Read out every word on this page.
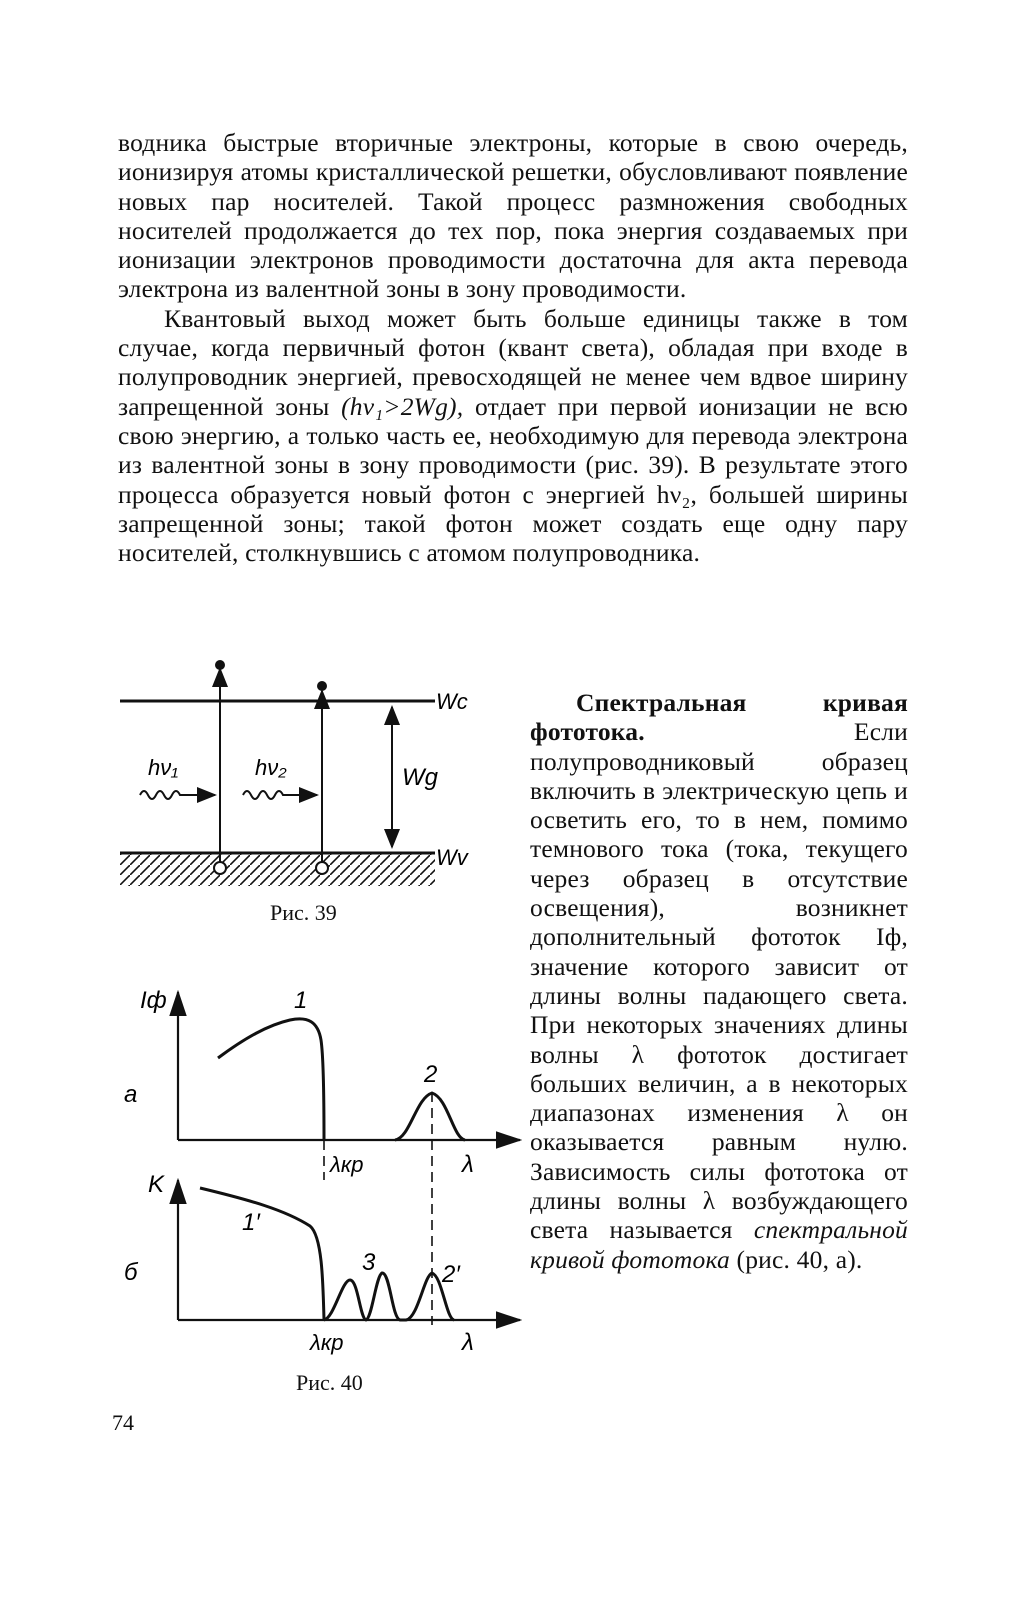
водника быстрые вторичные электроны, которые в свою очередь, ионизируя атомы кристаллической решетки, обусловливают появление новых пар носителей. Такой процесс размножения свободных носителей продолжается до тех пор, пока энергия создаваемых при ионизации электронов проводимости достаточна для акта перевода электрона из валентной зоны в зону проводимости.

Квантовый выход может быть больше единицы также в том случае, когда первичный фотон (квант света), обладая при входе в полупроводник энергией, превосходящей не менее чем вдвое ширину запрещенной зоны (hν₁>2Wg), отдает при первой ионизации не всю свою энергию, а только часть ее, необходимую для перевода электрона из валентной зоны в зону проводимости (рис. 39). В результате этого процесса образуется новый фотон с энергией hν₂, большей ширины запрещенной зоны; такой фотон может создать еще одну пару носителей, столкнувшись с атомом полупроводника.

Спектральная кривая фототока.	Если полупроводниковый образец включить в электрическую цепь и осветить его, то в нем, помимо темнового тока (тока, текущего через образец в отсутствие освещения), возникнет дополнительный фототок Iф, значение которого зависит от длины волны падающего света. При некоторых значениях длины волны λ фототок достигает больших величин, а в некоторых диапазонах изменения λ он оказывается равным нулю. Зависимость силы фототока от длины волны λ возбуждающего света называется спектральной кривой фототока (рис. 40, а).

hν₁	hν₂
Wc
Wg
Wv
Рис. 39
Iф
а
1
2
λкр	λ
K
б
1′
3	2′
λкр	λ
Рис. 40
74
